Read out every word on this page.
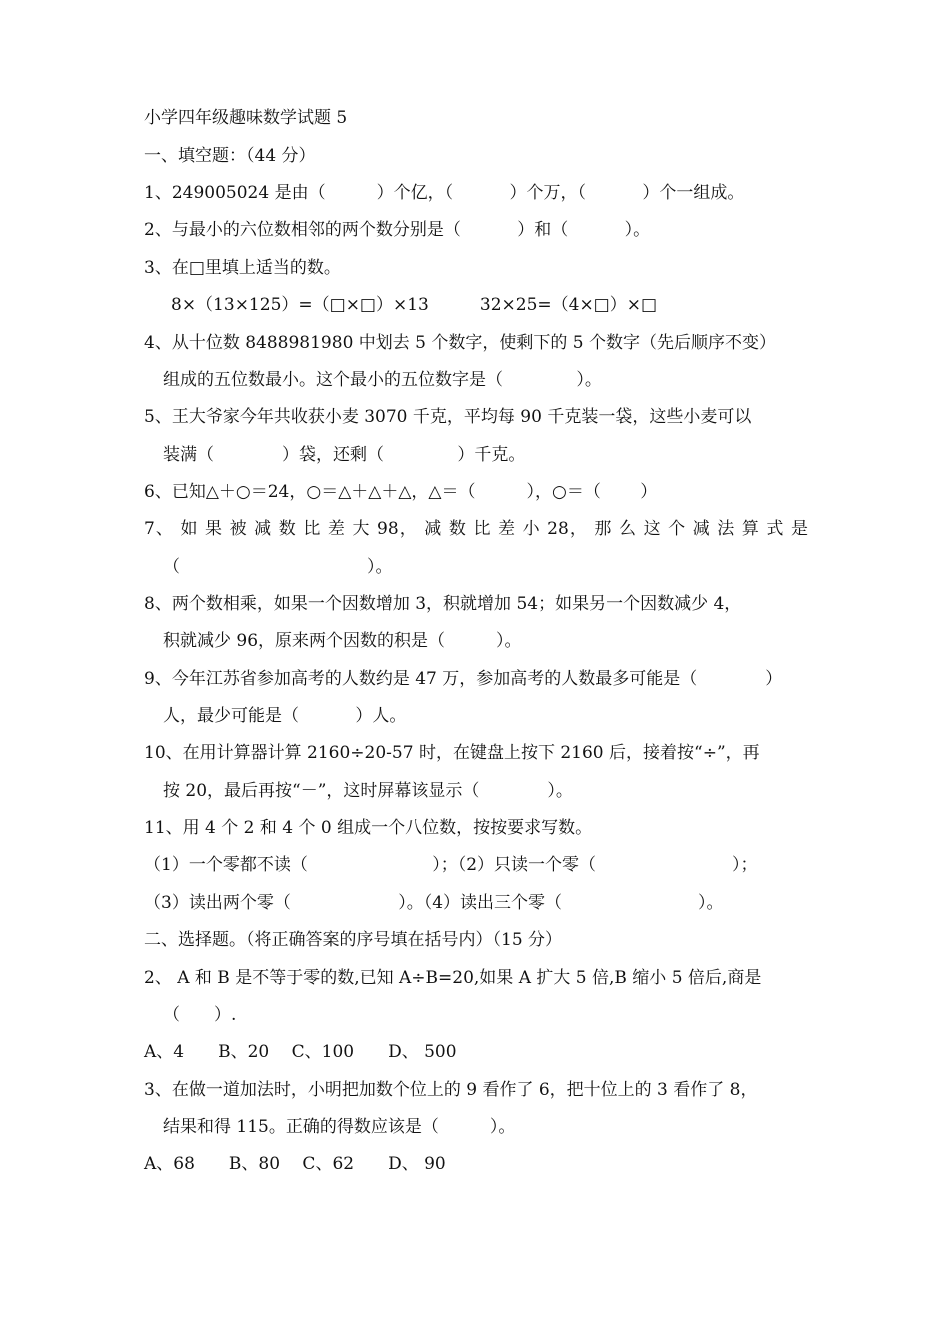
小学四年级趣味数学试题 5

一、填空题：（44 分）

1、249005024 是由（　　　）个亿，（　　　 ）个万，（　　　 ）个一组成。

2、与最小的六位数相邻的两个数分别是（　　　 ）和（　　　 ）。

3、在□里填上适当的数。

8×（13×125）=（□×□）×13　　　32×25=（4×□）×□

4、从十位数 8488981980 中划去 5 个数字，使剩下的 5 个数字（先后顺序不变）

组成的五位数最小。这个最小的五位数字是（　　　　 ）。

5、王大爷家今年共收获小麦 3070 千克，平均每 90 千克装一袋，这些小麦可以

装满（　　　　）袋，还剩（　　　　 ）千克。

6、已知△＋○＝24，○＝△＋△＋△，△＝（　　　），○＝（　　 ）

7、 如 果 被 减 数 比 差 大 98， 减 数 比 差 小 28， 那 么 这 个 减 法 算 式 是

（　　　　　　　　　　　）。

8、两个数相乘，如果一个因数增加 3，积就增加 54；如果另一个因数减少 4，

积就减少 96，原来两个因数的积是（　　　）。

9、今年江苏省参加高考的人数约是 47 万，参加高考的人数最多可能是（　　　　）

人，最少可能是（　　　 ）人。

10、在用计算器计算 2160÷20-57 时，在键盘上按下 2160 后，接着按“÷”，再

按 20，最后再按“－”，这时屏幕该显示（　　　　）。

11、用 4 个 2 和 4 个 0 组成一个八位数，按按要求写数。

（1）一个零都不读（　　　　　　　 ）；（2）只读一个零（　　　　　　　　）；

（3）读出两个零（　　　　　　 ）。（4）读出三个零（　　　　　　　　）。

二、选择题。（将正确答案的序号填在括号内）（15 分）

2、 A 和 B 是不等于零的数,已知 A÷B=20,如果 A 扩大 5 倍,B 缩小 5 倍后,商是

（　　）.

A、4　　B、20　 C、100　　D、 500

3、在做一道加法时，小明把加数个位上的 9 看作了 6，把十位上的 3 看作了 8，

结果和得 115。正确的得数应该是（　　　）。

A、68　　B、80　 C、62　　D、 90
